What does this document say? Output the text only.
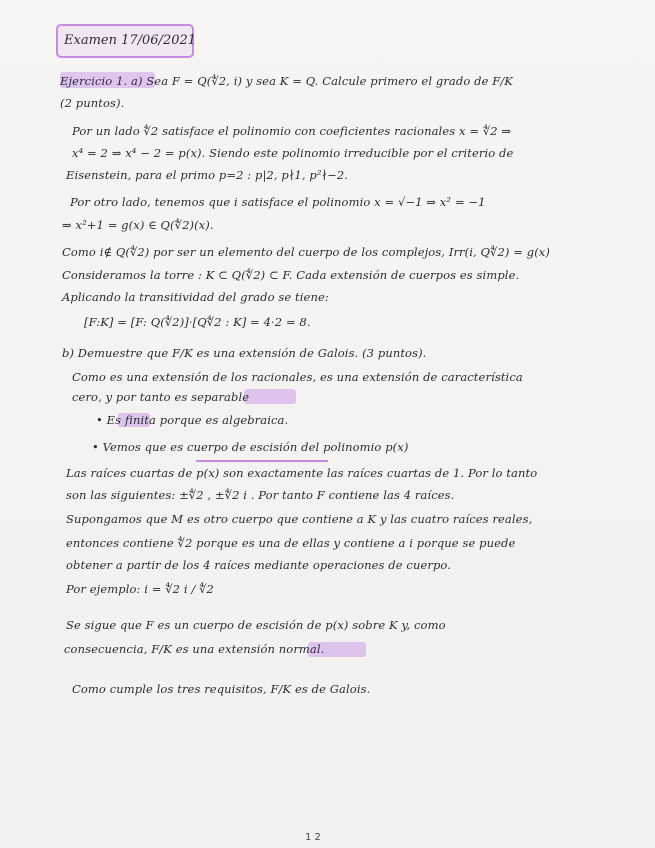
Examen 17/06/2021
Ejercicio 1. a) Sea F = Q(∜2, i) y sea K = Q. Calcule primero el grado de F/K
(2 puntos).
Por un lado ∜2 satisface el polinomio con coeficientes racionales x = ∜2 ⇒
x⁴ = 2 ⇒ x⁴ − 2 = p(x). Siendo este polinomio irreducible por el criterio de
Eisenstein, para el primo p=2 : p|2, p∤1, p²∤−2.
Por otro lado, tenemos que i satisface el polinomio x = √−1 ⇒ x² = −1
⇒ x²+1 = g(x) ∈ Q(∜2)(x).
Como i∉ Q(∜2) por ser un elemento del cuerpo de los complejos, Irr(i, Q∜2) = g(x)
Consideramos la torre : K ⊂ Q(∜2) ⊂ F. Cada extensión de cuerpos es simple.
Aplicando la transitividad del grado se tiene:
[F:K] = [F: Q(∜2)]·[Q∜2 : K] = 4·2 = 8.
b) Demuestre que F/K es una extensión de Galois. (3 puntos).
Como es una extensión de los racionales, es una extensión de característica
cero, y por tanto es separable
• Es finita porque es algebraica.
• Vemos que es cuerpo de escisión del polinomio p(x)
Las raíces cuartas de p(x) son exactamente las raíces cuartas de 1. Por lo tanto
son las siguientes: ±∜2 , ±∜2 i . Por tanto F contiene las 4 raíces.
Supongamos que M es otro cuerpo que contiene a K y las cuatro raíces reales,
entonces contiene ∜2 porque es una de ellas y contiene a i porque se puede
obtener a partir de los 4 raíces mediante operaciones de cuerpo.
Por ejemplo: i = ∜2 i / ∜2
Se sigue que F es un cuerpo de escisión de p(x) sobre K y, como
consecuencia, F/K es una extensión normal.
Como cumple los tres requisitos, F/K es de Galois.
1 2
